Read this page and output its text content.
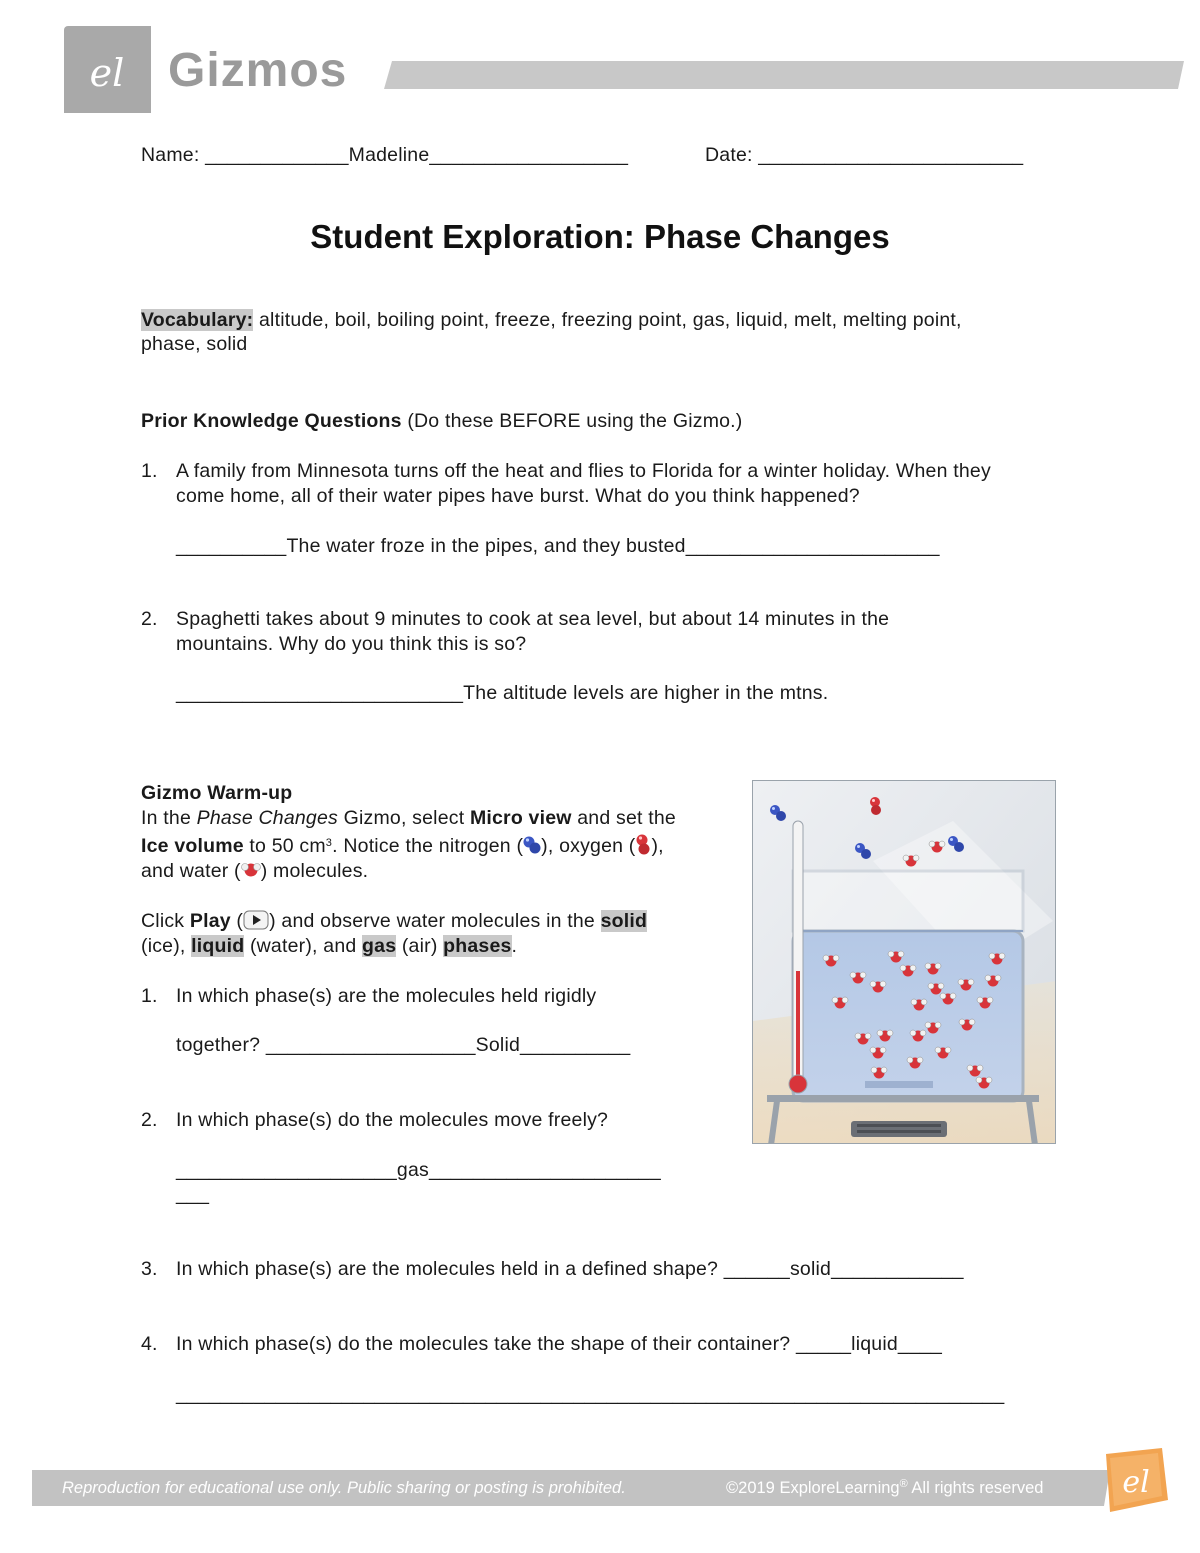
el Gizmos
Name: _____________Madeline__________________	Date: ________________________
Student Exploration: Phase Changes
Vocabulary: altitude, boil, boiling point, freeze, freezing point, gas, liquid, melt, melting point,
phase, solid
Prior Knowledge Questions (Do these BEFORE using the Gizmo.)
1. A family from Minnesota turns off the heat and flies to Florida for a winter holiday. When they
come home, all of their water pipes have burst. What do you think happened?
__________The water froze in the pipes, and they busted_______________________
2. Spaghetti takes about 9 minutes to cook at sea level, but about 14 minutes in the
mountains. Why do you think this is so?
__________________________The altitude levels are higher in the mtns.
Gizmo Warm-up
In the Phase Changes Gizmo, select Micro view and set the
Ice volume to 50 $cm^3$. Notice the nitrogen ( ), oxygen ( ),
and water ( ) molecules.
Click Play ( ) and observe water molecules in the solid
(ice), liquid (water), and gas (air) phases.
1. In which phase(s) are the molecules held rigidly
together? ___________________Solid__________
2. In which phase(s) do the molecules move freely?
____________________gas_____________________
___
3. In which phase(s) are the molecules held in a defined shape? ______solid____________
4. In which phase(s) do the molecules take the shape of their container? _____liquid____
___________________________________________________________________________
Reproduction for educational use only. Public sharing or posting is prohibited.	©2019 ExploreLearning® All rights reserved	el
